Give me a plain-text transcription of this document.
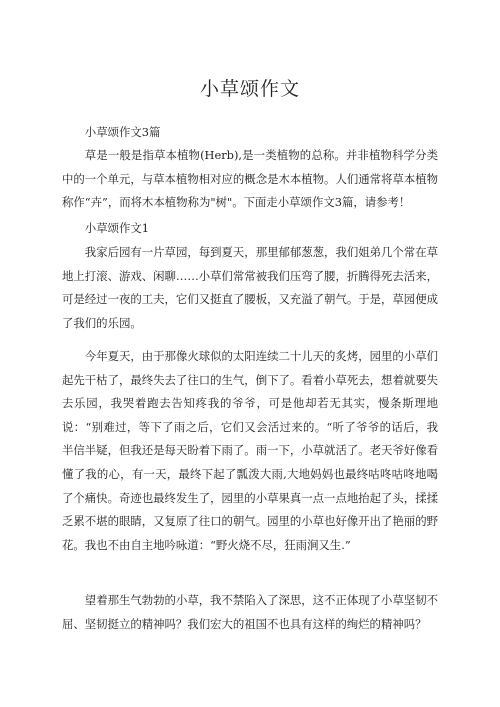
小草颂作文

小草颂作文3篇

草是一般是指草本植物(Herb),是一类植物的总称。并非植物科学分类中的一个单元，与草本植物相对应的概念是木本植物。人们通常将草本植物称作“卉”，而将木本植物称为"树"。下面走小草颂作文3篇，请参考！

小草颂作文1

我家后园有一片草园，每到夏天，那里郁郁葱葱，我们姐弟几个常在草地上打滚、游戏、闲聊……小草们常常被我们压弯了腰，折腾得死去活来，可是经过一夜的工夫，它们又挺直了腰板，又充溢了朝气。于是，草园便成了我们的乐园。

今年夏天，由于那像火球似的太阳连续二十儿天的炙烤，园里的小草们起先干枯了，最终失去了往口的生气，倒下了。看着小草死去，想着就要失去乐园，我哭着跑去告知疼我的爷爷，可是他却若无其实，慢条斯理地说：“别难过，等下了雨之后，它们又会活过来的。“听了爷爷的话后，我半信半疑，但我还是每天盼着下雨了。雨一下，小草就活了。老天爷好像看懂了我的心，有一天，最终下起了瓢泼大雨,大地妈妈也最终咕咚咕咚地喝了个痛快。奇迹也最终发生了，园里的小草果真一点一点地抬起了头，揉揉乏累不堪的眼睛，又复原了往口的朝气。园里的小草也好像开出了艳丽的野花。我也不由自主地吟咏道：“野火烧不尽，狂雨涧又生.”

望着那生气勃勃的小草，我不禁陷入了深思，这不正体现了小草坚韧不屈、坚韧挺立的精神吗？我们宏大的祖国不也具有这样的绚烂的精神吗？
